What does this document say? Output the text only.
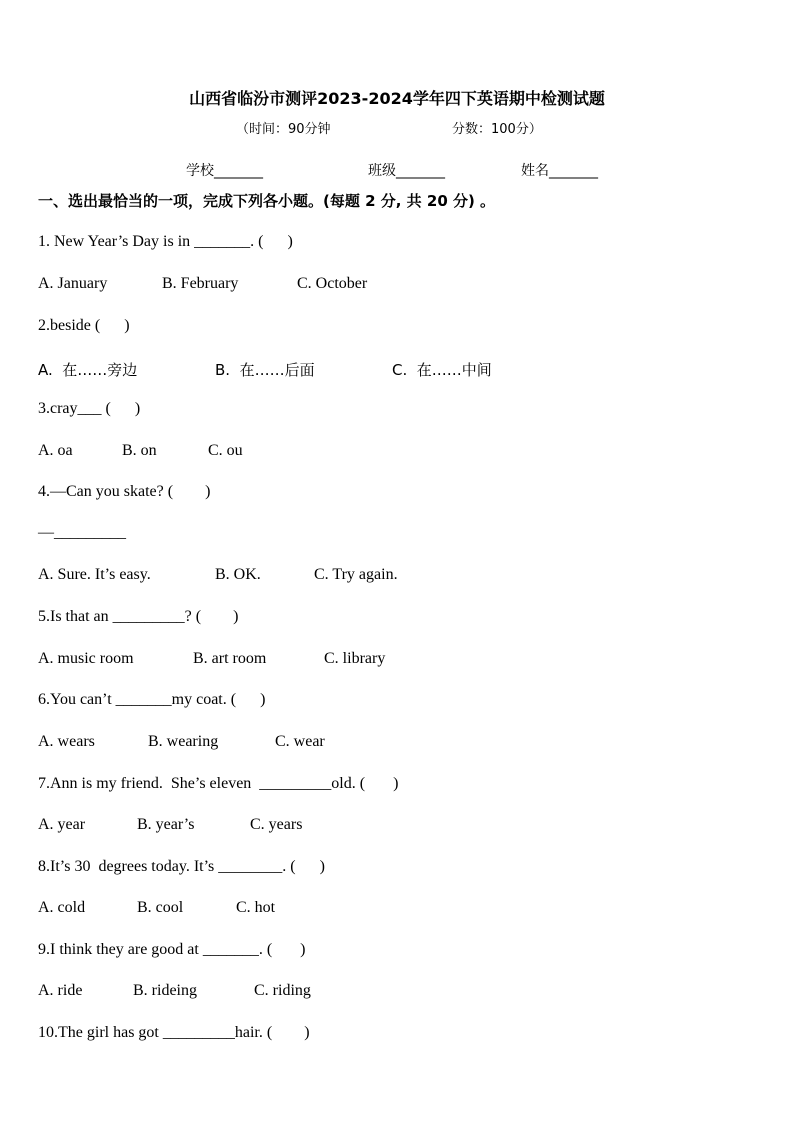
山西省临汾市测评2023-2024学年四下英语期中检测试题
（时间：90分钟	分数：100分）
学校_______	班级_______	姓名_______
一、选出最恰当的一项，完成下列各小题。(每题 2 分, 共 20 分) 。
1. New Year’s Day is in _______. (      )
A. January	B. February	C. October
2.beside (      )
A.  在……旁边	B.  在……后面	C.  在……中间
3.cray___ (      )
A. oa	B. on	C. ou
4.—Can you skate? (        )
—_________
A. Sure. It’s easy.	B. OK.	C. Try again.
5.Is that an _________? (        )
A. music room	B. art room	C. library
6.You can’t _______my coat. (      )
A. wears	B. wearing	C. wear
7.Ann is my friend.  She’s eleven  _________old. (       )
A. year	B. year’s	C. years
8.It’s 30  degrees today. It’s ________. (      )
A. cold	B. cool	C. hot
9.I think they are good at _______. (       )
A. ride	B. rideing	C. riding
10.The girl has got _________hair. (        )
